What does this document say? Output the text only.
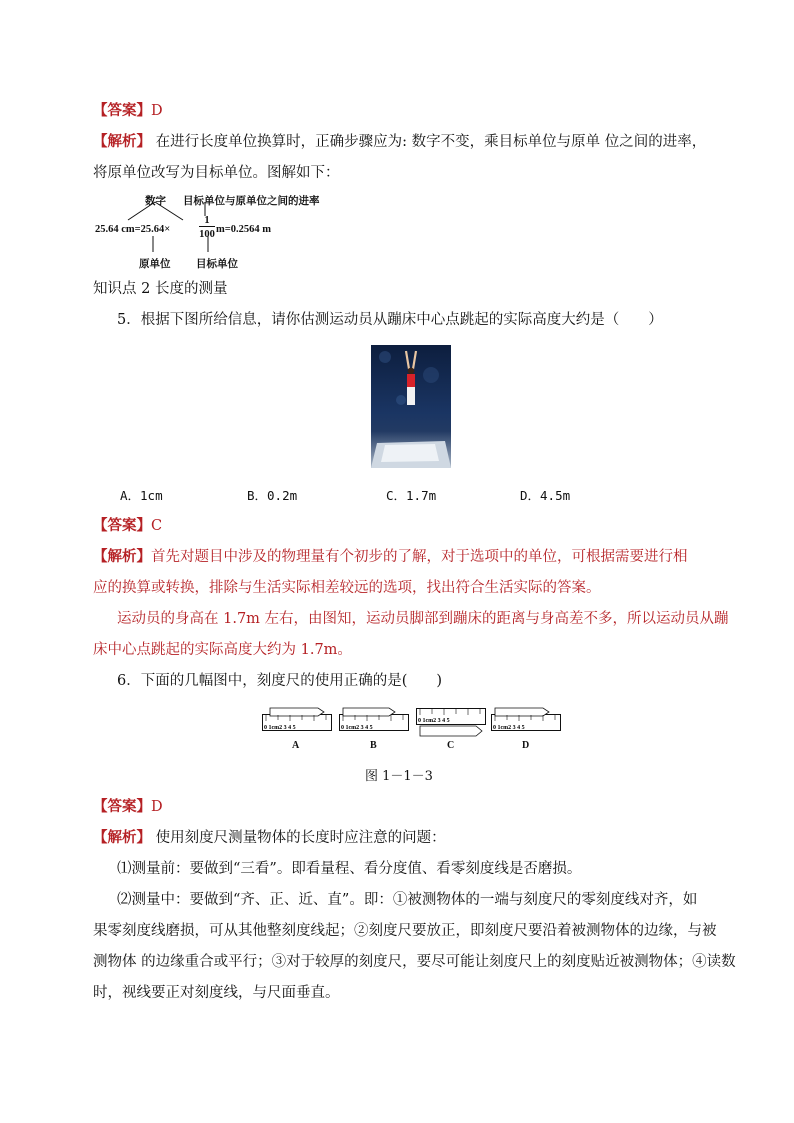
【答案】D
【解析】 在进行长度单位换算时，正确步骤应为: 数字不变，乘目标单位与原单 位之间的进率，
将原单位改写为目标单位。图解如下：
数字 目标单位与原单位之间的进率
25.64 cm=25.64×
1
100 m=0.2564 m
原单位 目标单位
知识点 2 长度的测量
5．根据下图所给信息，请你估测运动员从蹦床中心点跳起的实际高度大约是（　　）
A．1cm	B．0.2m	C．1.7m	D．4.5m
【答案】C
【解析】首先对题目中涉及的物理量有个初步的了解，对于选项中的单位，可根据需要进行相
应的换算或转换，排除与生活实际相差较远的选项，找出符合生活实际的答案。
运动员的身高在 1.7m 左右，由图知，运动员脚部到蹦床的距离与身高差不多，所以运动员从蹦
床中心点跳起的实际高度大约为 1.7m。
6．下面的几幅图中，刻度尺的使用正确的是(　　)
0 1cm2 3 4 5	0 1cm2 3 4 5
0 1cm2 3 4 5
0 1cm2 3 4 5
A	B	C	D
图 1－1－3
【答案】D
【解析】 使用刻度尺测量物体的长度时应注意的问题：
⑴测量前：要做到“三看”。即看量程、看分度值、看零刻度线是否磨损。
⑵测量中：要做到“齐、正、近、直”。即：①被测物体的一端与刻度尺的零刻度线对齐，如
果零刻度线磨损，可从其他整刻度线起；②刻度尺要放正，即刻度尺要沿着被测物体的边缘，与被
测物体 的边缘重合或平行；③对于较厚的刻度尺，要尽可能让刻度尺上的刻度贴近被测物体；④读数
时，视线要正对刻度线，与尺面垂直。
